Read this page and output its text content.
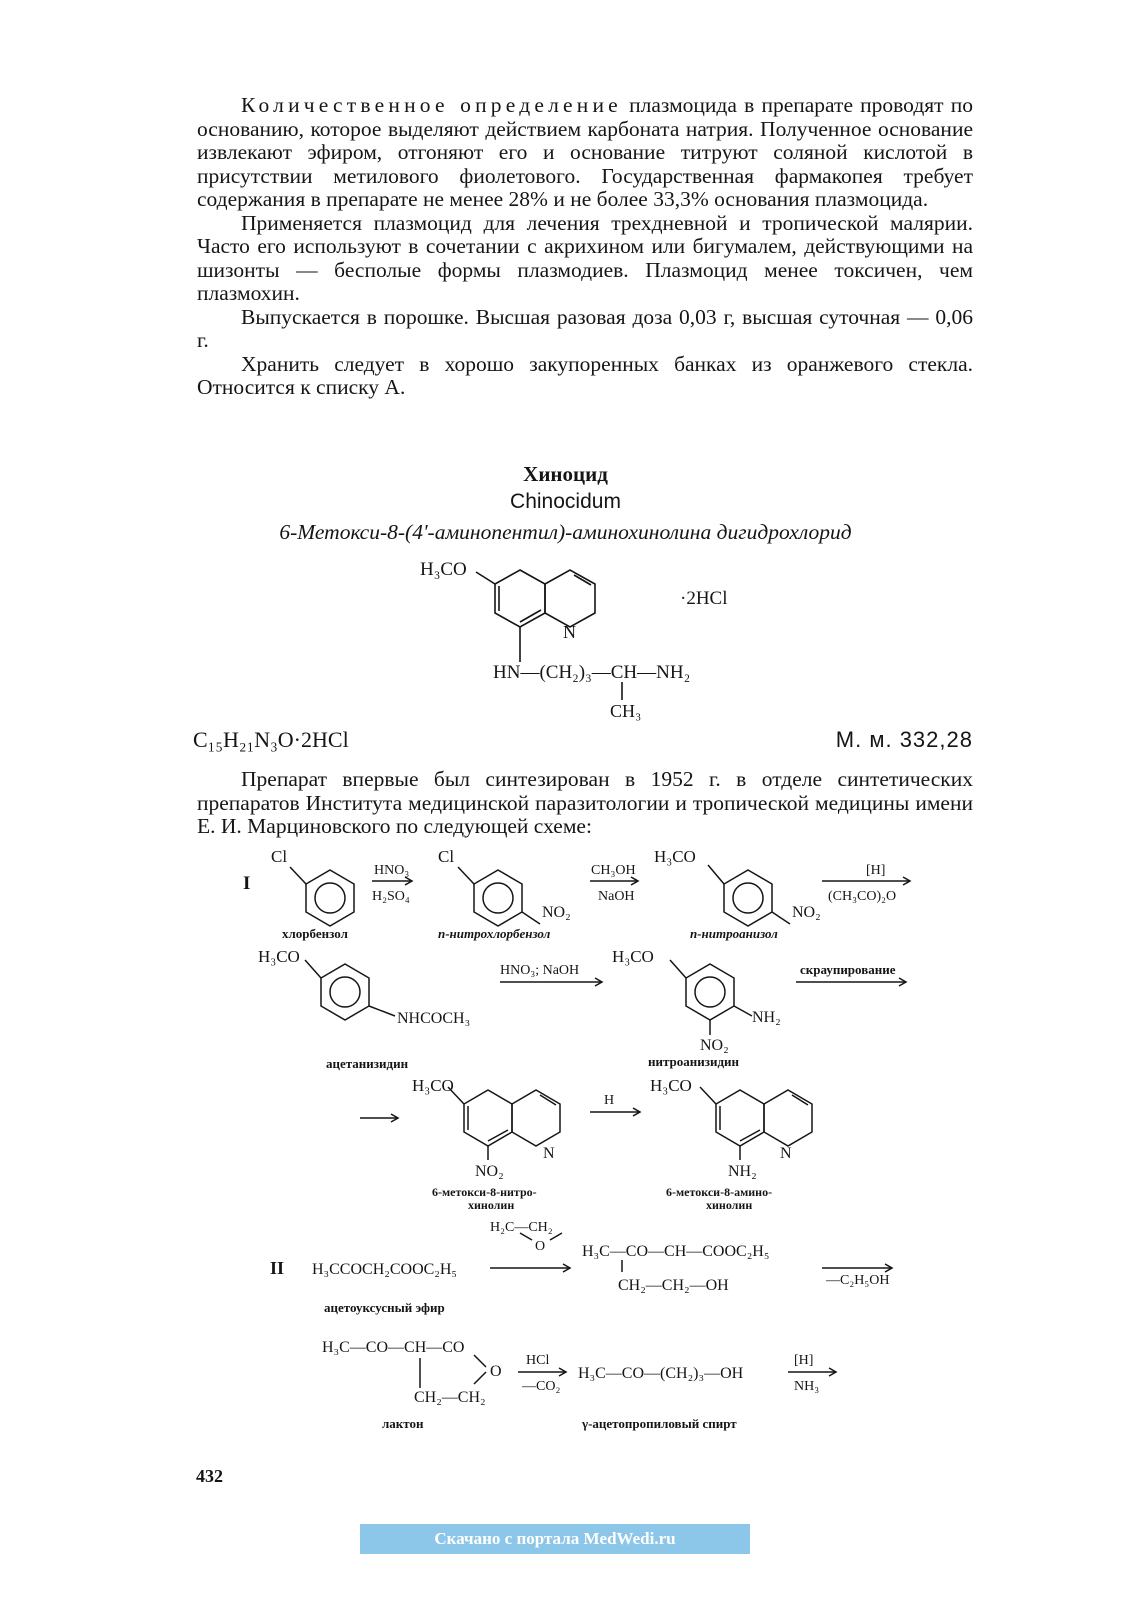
Количественное определение плазмоцида в препарате проводят по основанию, которое выделяют действием карбоната натрия. Полученное основание извлекают эфиром, отгоняют его и основание титруют соляной кислотой в присутствии метилового фиолетового. Государственная фармакопея требует содержания в препарате не менее 28% и не более 33,3% основания плазмоцида.

Применяется плазмоцид для лечения трехдневной и тропической малярии. Часто его используют в сочетании с акрихином или бигумалем, действующими на шизонты — бесполые формы плазмодиев. Плазмоцид менее токсичен, чем плазмохин.

Выпускается в порошке. Высшая разовая доза 0,03 г, высшая суточная — 0,06 г.

Хранить следует в хорошо закупоренных банках из оранжевого стекла. Относится к списку А.

Хиноцид
Chinocidum
6-Метокси-8-(4'-аминопентил)-аминохинолина дигидрохлорид
H₃CO
N
·2HCl
HN—(CH₂)₃—CH—NH₂
CH₃
C₁₅H₂₁N₃O·2HCl	М. м. 332,28

Препарат впервые был синтезирован в 1952 г. в отделе синтетических препаратов Института медицинской паразитологии и тропической медицины имени Е. И. Марциновского по следующей схеме:

I
Cl
HNO₃
H₂SO₄
Cl
NO₂
CH₃OH
NaOH
H₃CO
NO₂
[H]
(CH₃CO)₂O
хлорбензол	п-нитрохлорбензол	п-нитроанизол
H₃CO
NHCOCH₃
HNO₃; NaOH
H₃CO
NH₂
NO₂
скраупирование
ацетанизидин	нитроанизидин
H₃CO
N
NO₂
H
H₃CO
N
NH₂
6-метокси-8-нитро-
хинолин
6-метокси-8-амино-
хинолин
II H₃CCOCH₂COOC₂H₅
H₂C—CH₂
O H₃C—CO—CH—COOC₂H₅
CH₂—CH₂—OH	—C₂H₅OH
ацетоуксусный эфир
H₃C—CO—CH—CO
O
CH₂—CH₂
HCl
—CO₂
H₃C—CO—(CH₂)₃—OH
[H]
NH₃
лактон	γ-ацетопропиловый спирт
432
Скачано с портала MedWedi.ru
